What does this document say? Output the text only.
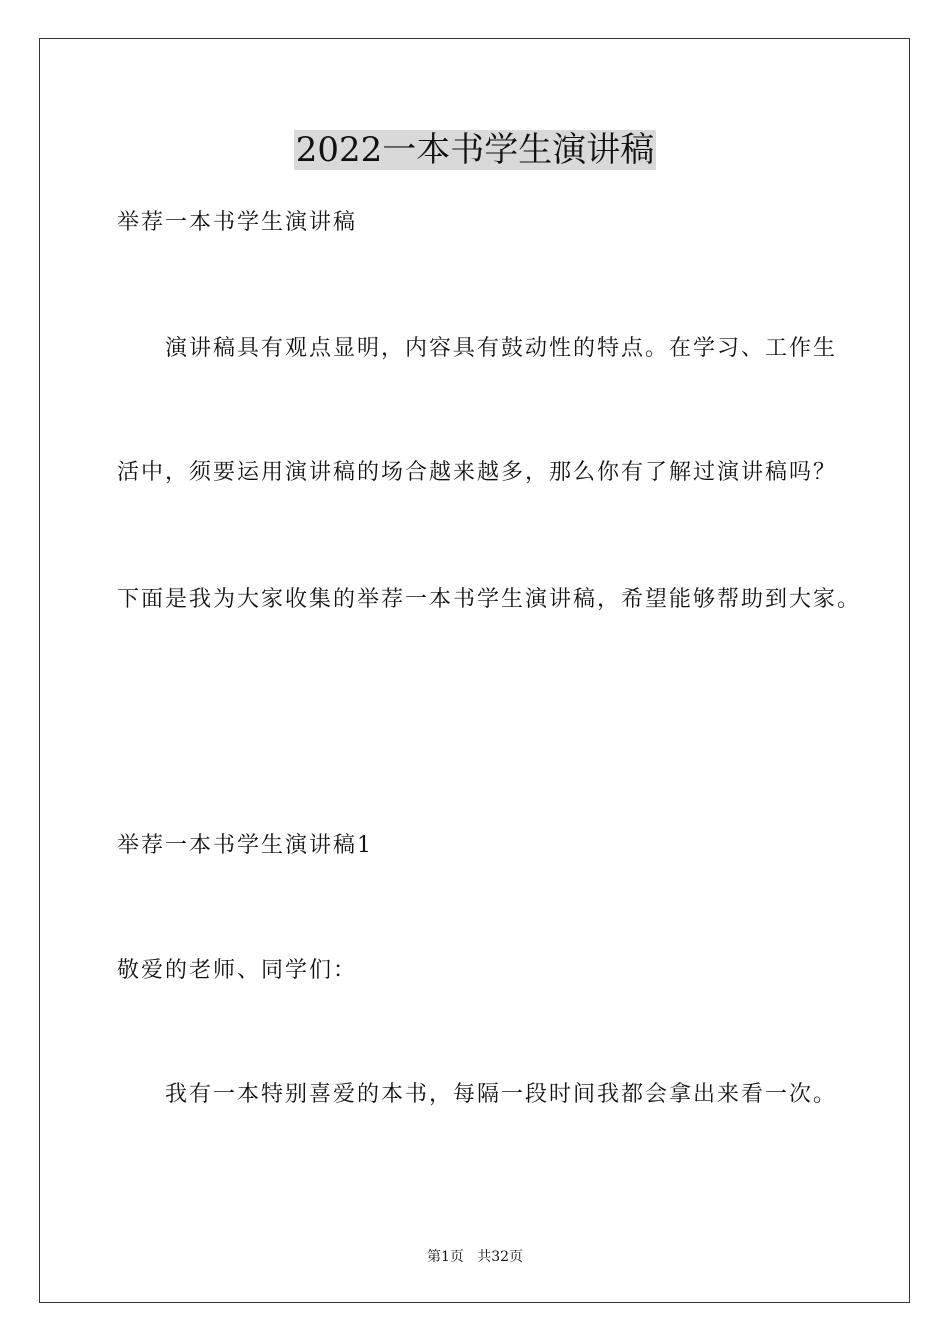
2022一本书学生演讲稿

举荐一本书学生演讲稿

演讲稿具有观点显明，内容具有鼓动性的特点。在学习、工作生

活中，须要运用演讲稿的场合越来越多，那么你有了解过演讲稿吗？

下面是我为大家收集的举荐一本书学生演讲稿，希望能够帮助到大家。

举荐一本书学生演讲稿1

敬爱的老师、同学们：

我有一本特别喜爱的本书，每隔一段时间我都会拿出来看一次。

第1页   共32页
